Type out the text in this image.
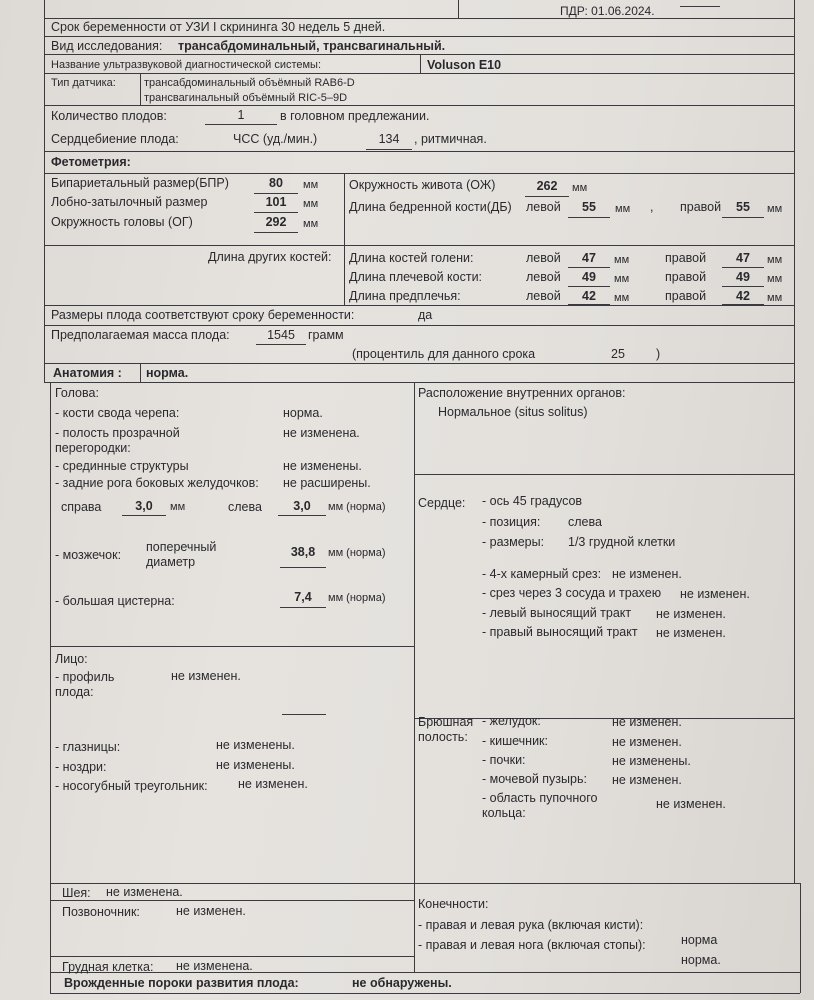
ПДР: 01.06.2024.
Срок беременности от УЗИ I скрининга 30 недель 5 дней.
Вид исследования: трансабдоминальный, трансвагинальный.
Название ультразвуковой диагностической системы:	Voluson E10
Тип датчика:	трансабдоминальный объёмный RAB6-D
трансвагинальный объёмный RIC-5–9D
Количество плодов:	1	в головном предлежании.
Сердцебиение плода:	ЧСС (уд./мин.)	134	, ритмичная.
Фетометрия:
Бипариетальный размер(БПР)	80	мм
Лобно-затылочный размер	101	мм
Окружность головы (ОГ)	292	мм
Окружность живота (ОЖ)	262	мм
Длина бедренной кости(ДБ) левой	55	мм , правой	55	мм
Длина других костей: Длина костей голени:	левой	47	мм	правой	47	мм
Длина плечевой кости:	левой	49	мм	правой	49	мм
Длина предплечья:	левой	42	мм	правой	42	мм
Размеры плода соответствуют сроку беременности:	да
Предполагаемая масса плода:	1545	грамм
(процентиль для данного срока	25 )
Анатомия : норма.
Голова:
- кости свода черепа:	норма.
- полость прозрачной
перегородки:
не изменена.
- срединные структуры	не изменены.
- задние рога боковых желудочков: не расширены.
справа	3,0	мм	слева	3,0	мм (норма)
поперечный
диаметр
- мозжечок:	38,8	мм (норма)
- большая цистерна:	7,4	мм (норма)
Лицо:
- профиль
плода:
не изменен.
- глазницы:	не изменены.
- ноздри:	не изменены.
- носогубный треугольник: не изменен.
Шея: не изменена.
Позвоночник:	не изменен.
Грудная клетка: не изменена.
Расположение внутренних органов:
Нормальное (situs solitus)
Сердце: - ось 45 градусов
- позиция: слева
- размеры: 1/3 грудной клетки
- 4-х камерный срез: не изменен.
- срез через 3 сосуда и трахею не изменен.
- левый выносящий тракт не изменен.
- правый выносящий тракт не изменен.
Брюшная
полость:
- желудок:	не изменен.
- кишечник:	не изменен.
- почки:	не изменены.
- мочевой пузырь: не изменен.
- область пупочного
кольца:
не изменен.
Конечности:
- правая и левая рука (включая кисти):
норма
- правая и левая нога (включая стопы):
норма.
Врожденные пороки развития плода:	не обнаружены.
